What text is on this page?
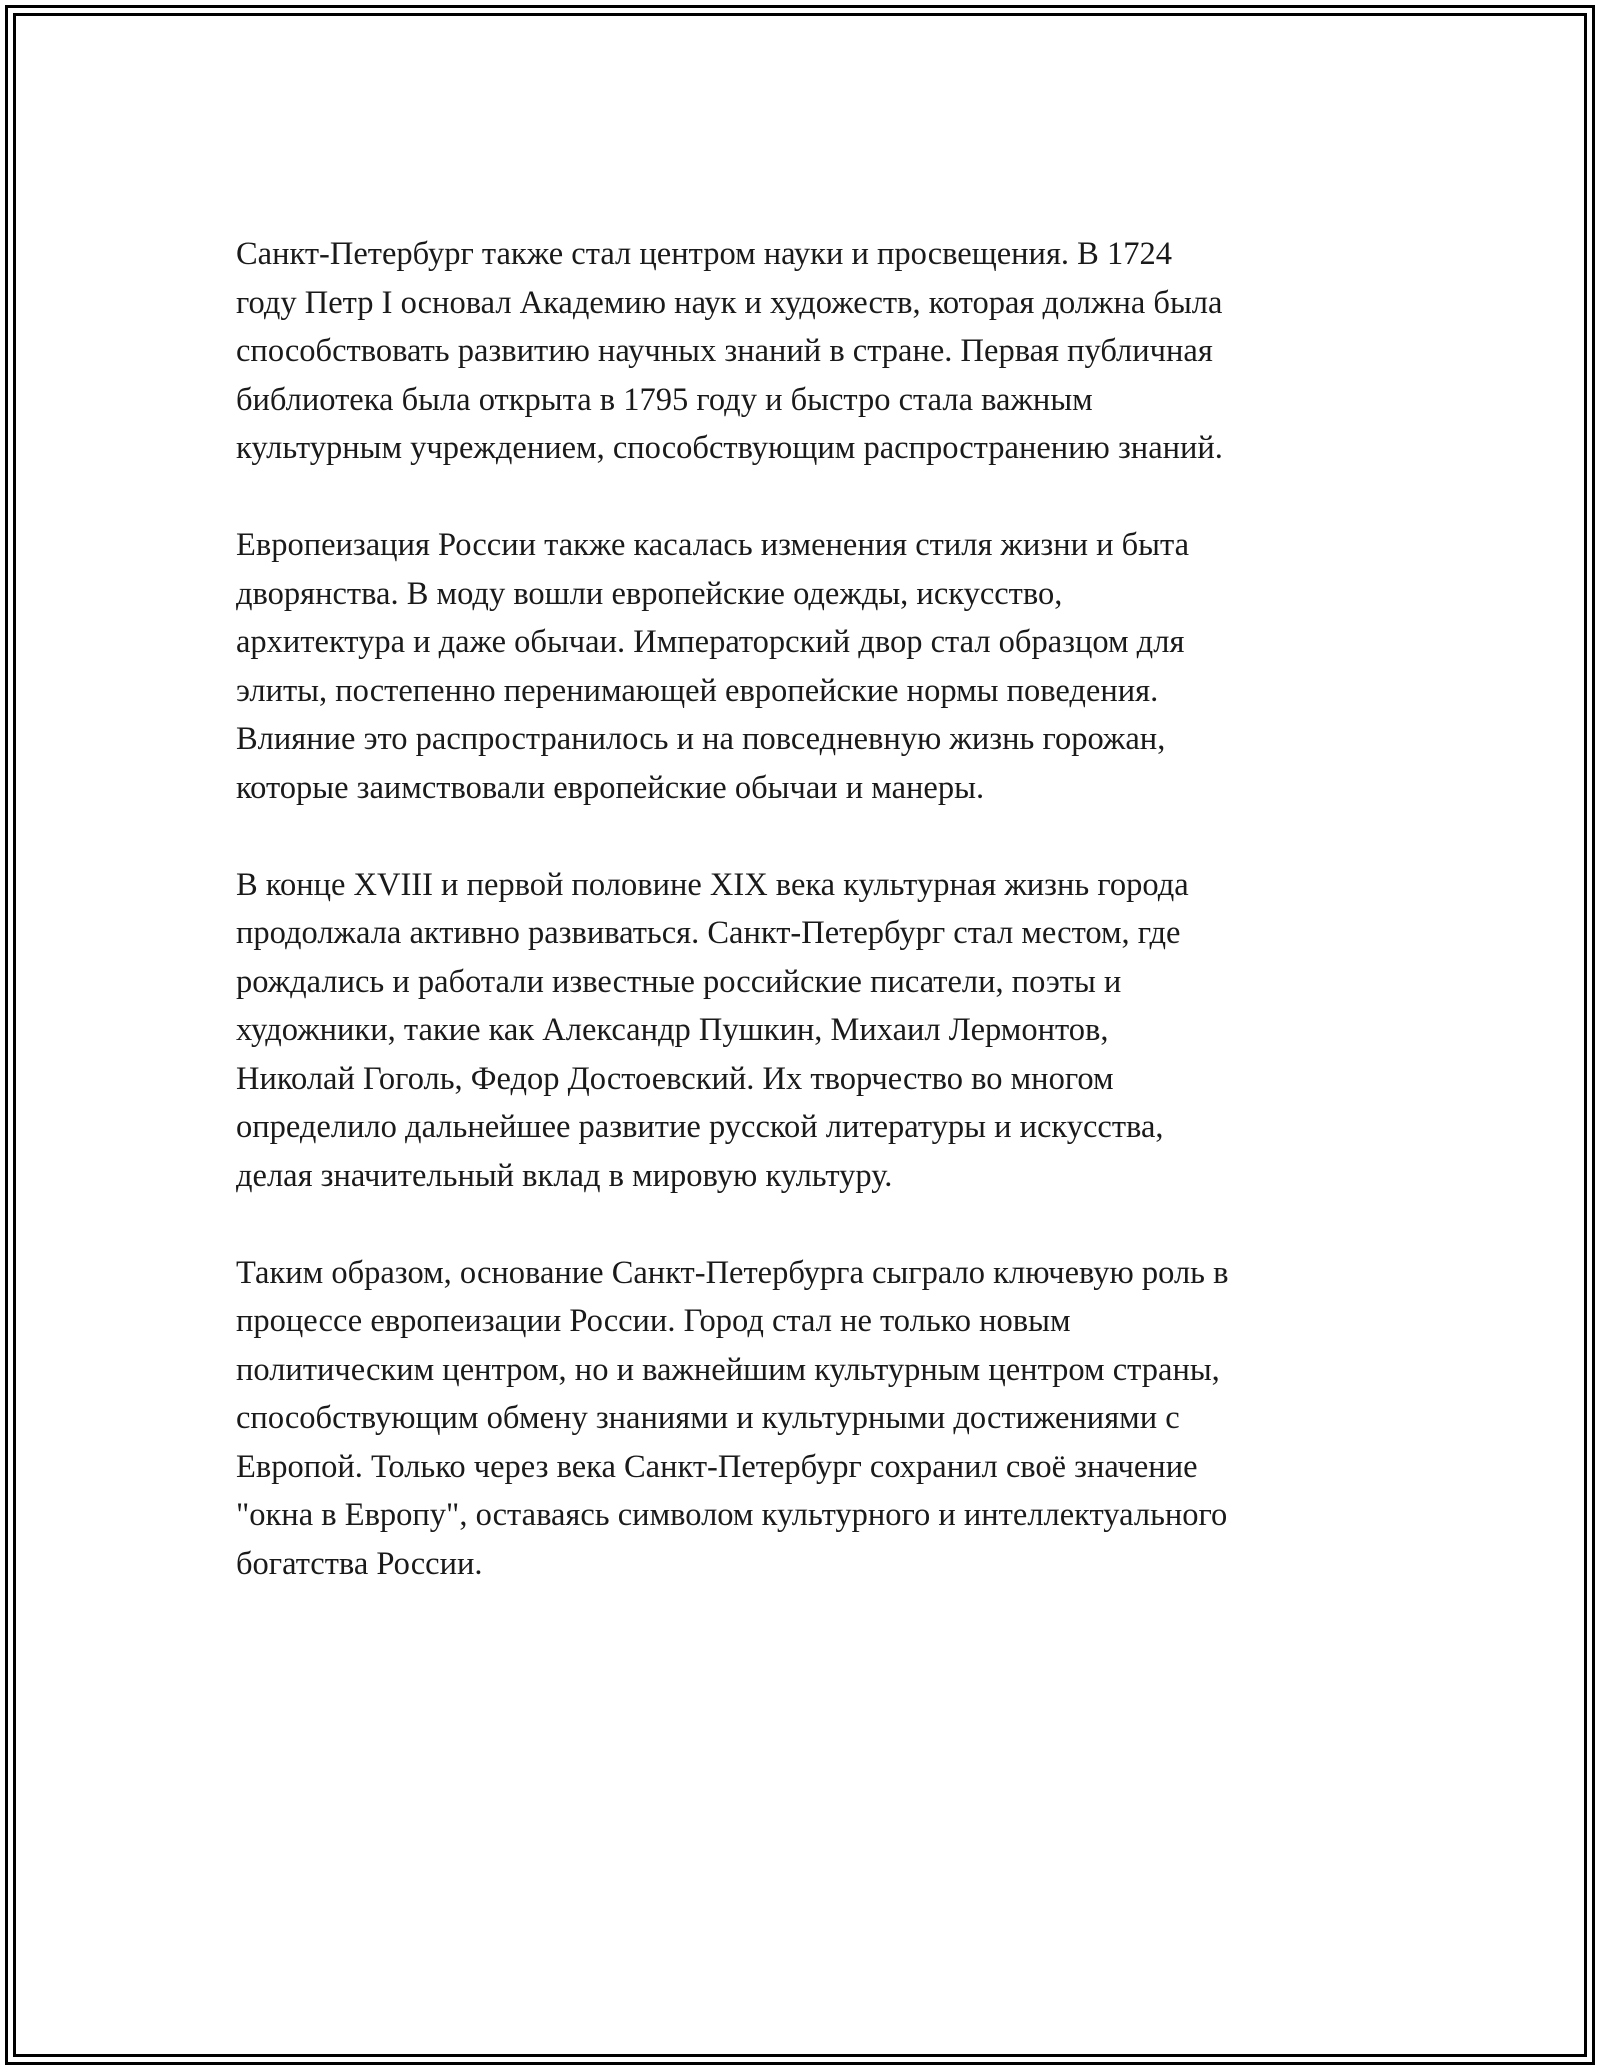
Санкт-Петербург также стал центром науки и просвещения. В 1724
году Петр I основал Академию наук и художеств, которая должна была
способствовать развитию научных знаний в стране. Первая публичная
библиотека была открыта в 1795 году и быстро стала важным
культурным учреждением, способствующим распространению знаний.

Европеизация России также касалась изменения стиля жизни и быта
дворянства. В моду вошли европейские одежды, искусство,
архитектура и даже обычаи. Императорский двор стал образцом для
элиты, постепенно перенимающей европейские нормы поведения.
Влияние это распространилось и на повседневную жизнь горожан,
которые заимствовали европейские обычаи и манеры.

В конце XVIII и первой половине XIX века культурная жизнь города
продолжала активно развиваться. Санкт-Петербург стал местом, где
рождались и работали известные российские писатели, поэты и
художники, такие как Александр Пушкин, Михаил Лермонтов,
Николай Гоголь, Федор Достоевский. Их творчество во многом
определило дальнейшее развитие русской литературы и искусства,
делая значительный вклад в мировую культуру.

Таким образом, основание Санкт-Петербурга сыграло ключевую роль в
процессе европеизации России. Город стал не только новым
политическим центром, но и важнейшим культурным центром страны,
способствующим обмену знаниями и культурными достижениями с
Европой. Только через века Санкт-Петербург сохранил своё значение
"окна в Европу", оставаясь символом культурного и интеллектуального
богатства России.
